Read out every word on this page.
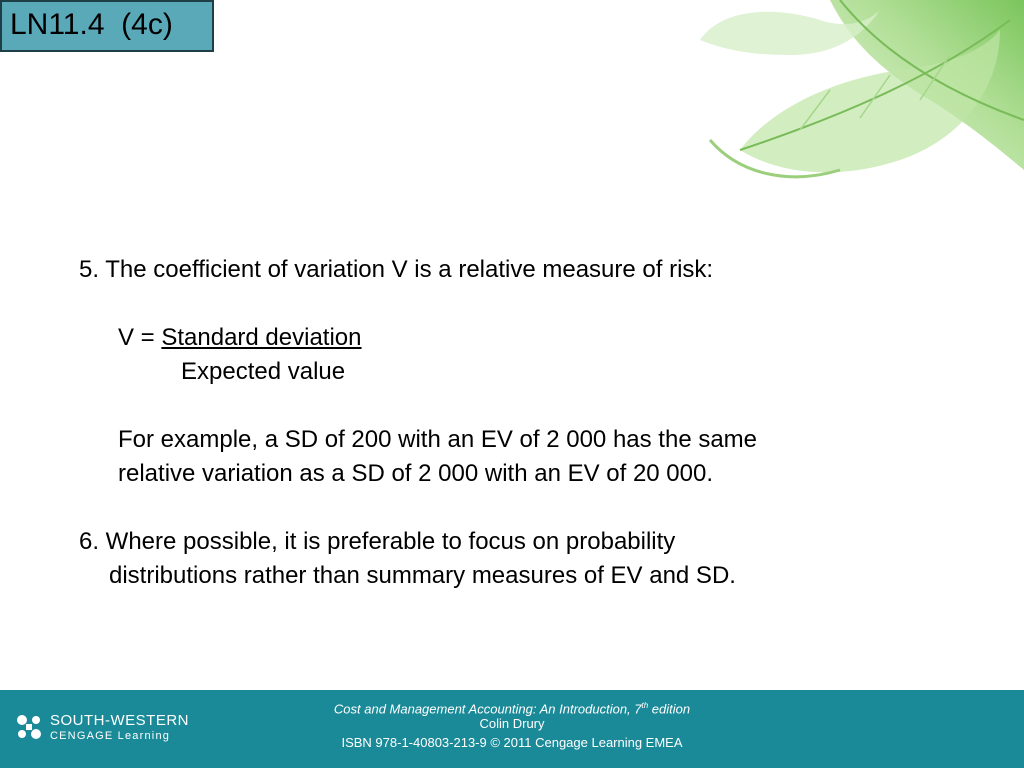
LN11.4  (4c)
5. The coefficient of variation V is a relative measure of risk:
V = Standard deviation
Expected value
For example, a SD of 200 with an EV of 2 000 has the same
relative variation as a SD of 2 000 with an EV of 20 000.
6. Where possible, it is preferable to focus on probability
distributions rather than summary measures of EV and SD.
SOUTH-WESTERN
CENGAGE Learning
Cost and Management Accounting: An Introduction, 7th edition
Colin Drury
ISBN 978-1-40803-213-9 © 2011 Cengage Learning EMEA
